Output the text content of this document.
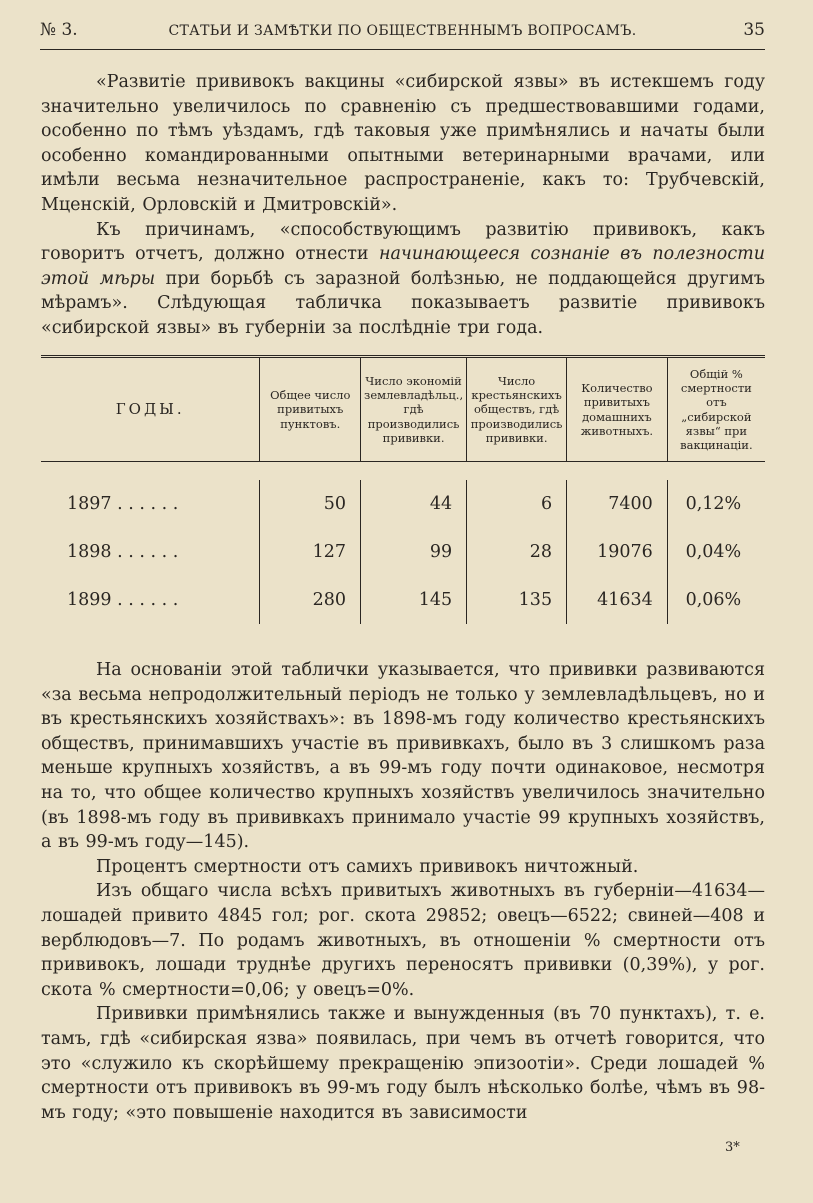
№ 3.	СТАТЬИ И ЗАМѢТКИ ПО ОБЩЕСТВЕННЫМЪ ВОПРОСАМЪ.	35

«Развитіе прививокъ вакцины «сибирской язвы» въ истекшемъ году значительно увеличилось по сравненію съ предшествовавшими годами, особенно по тѣмъ уѣздамъ, гдѣ таковыя уже примѣнялись и начаты были особенно командированными опытными ветеринарными врачами, или имѣли весьма незначительное распространеніе, какъ то: Трубчевскій, Мценскій, Орловскій и Дмитровскій».

Къ причинамъ, «способствующимъ развитію прививокъ, какъ говоритъ отчетъ, должно отнести начинающееся сознаніе въ полезности этой мѣры при борьбѣ съ заразной болѣзнью, не поддающейся другимъ мѣрамъ». Слѣдующая табличка показываетъ развитіе прививокъ «сибирской язвы» въ губерніи за послѣдніе три года.

ГОДЫ.	Общее число привитыхъ пунктовъ.	Число экономій землевладѣльц., гдѣ производились прививки.	Число крестьянскихъ обществъ, гдѣ производились прививки.	Количество привитыхъ домашнихъ животныхъ.	Общій % смертности отъ „сибирской язвы“ при вакцинаціи.

1897 . . . . . .	50	44	6	7400	0,12%
1898 . . . . . .	127	99	28	19076	0,04%
1899 . . . . . .	280	145	135	41634	0,06%

На основаніи этой таблички указывается, что прививки развиваются «за весьма непродолжительный періодъ не только у землевладѣльцевъ, но и въ крестьянскихъ хозяйствахъ»: въ 1898-мъ году количество крестьянскихъ обществъ, принимавшихъ участіе въ прививкахъ, было въ 3 слишкомъ раза меньше крупныхъ хозяйствъ, а въ 99-мъ году почти одинаковое, несмотря на то, что общее количество крупныхъ хозяйствъ увеличилось значительно (въ 1898-мъ году въ прививкахъ принимало участіе 99 крупныхъ хозяйствъ, а въ 99-мъ году—145).

Процентъ смертности отъ самихъ прививокъ ничтожный.

Изъ общаго числа всѣхъ привитыхъ животныхъ въ губерніи—41634—лошадей привито 4845 гол; рог. скота 29852; овецъ—6522; свиней—408 и верблюдовъ—7. По родамъ животныхъ, въ отношеніи % смертности отъ прививокъ, лошади труднѣе другихъ переносятъ прививки (0,39%), у рог. скота % смертности=0,06; у овецъ=0%.

Прививки примѣнялись также и вынужденныя (въ 70 пунктахъ), т. е. тамъ, гдѣ «сибирская язва» появилась, при чемъ въ отчетѣ говорится, что это «служило къ скорѣйшему прекращенію эпизоотіи». Среди лошадей % смертности отъ прививокъ въ 99-мъ году былъ нѣсколько болѣе, чѣмъ въ 98-мъ году; «это повышеніе находится въ зависимости

3*
